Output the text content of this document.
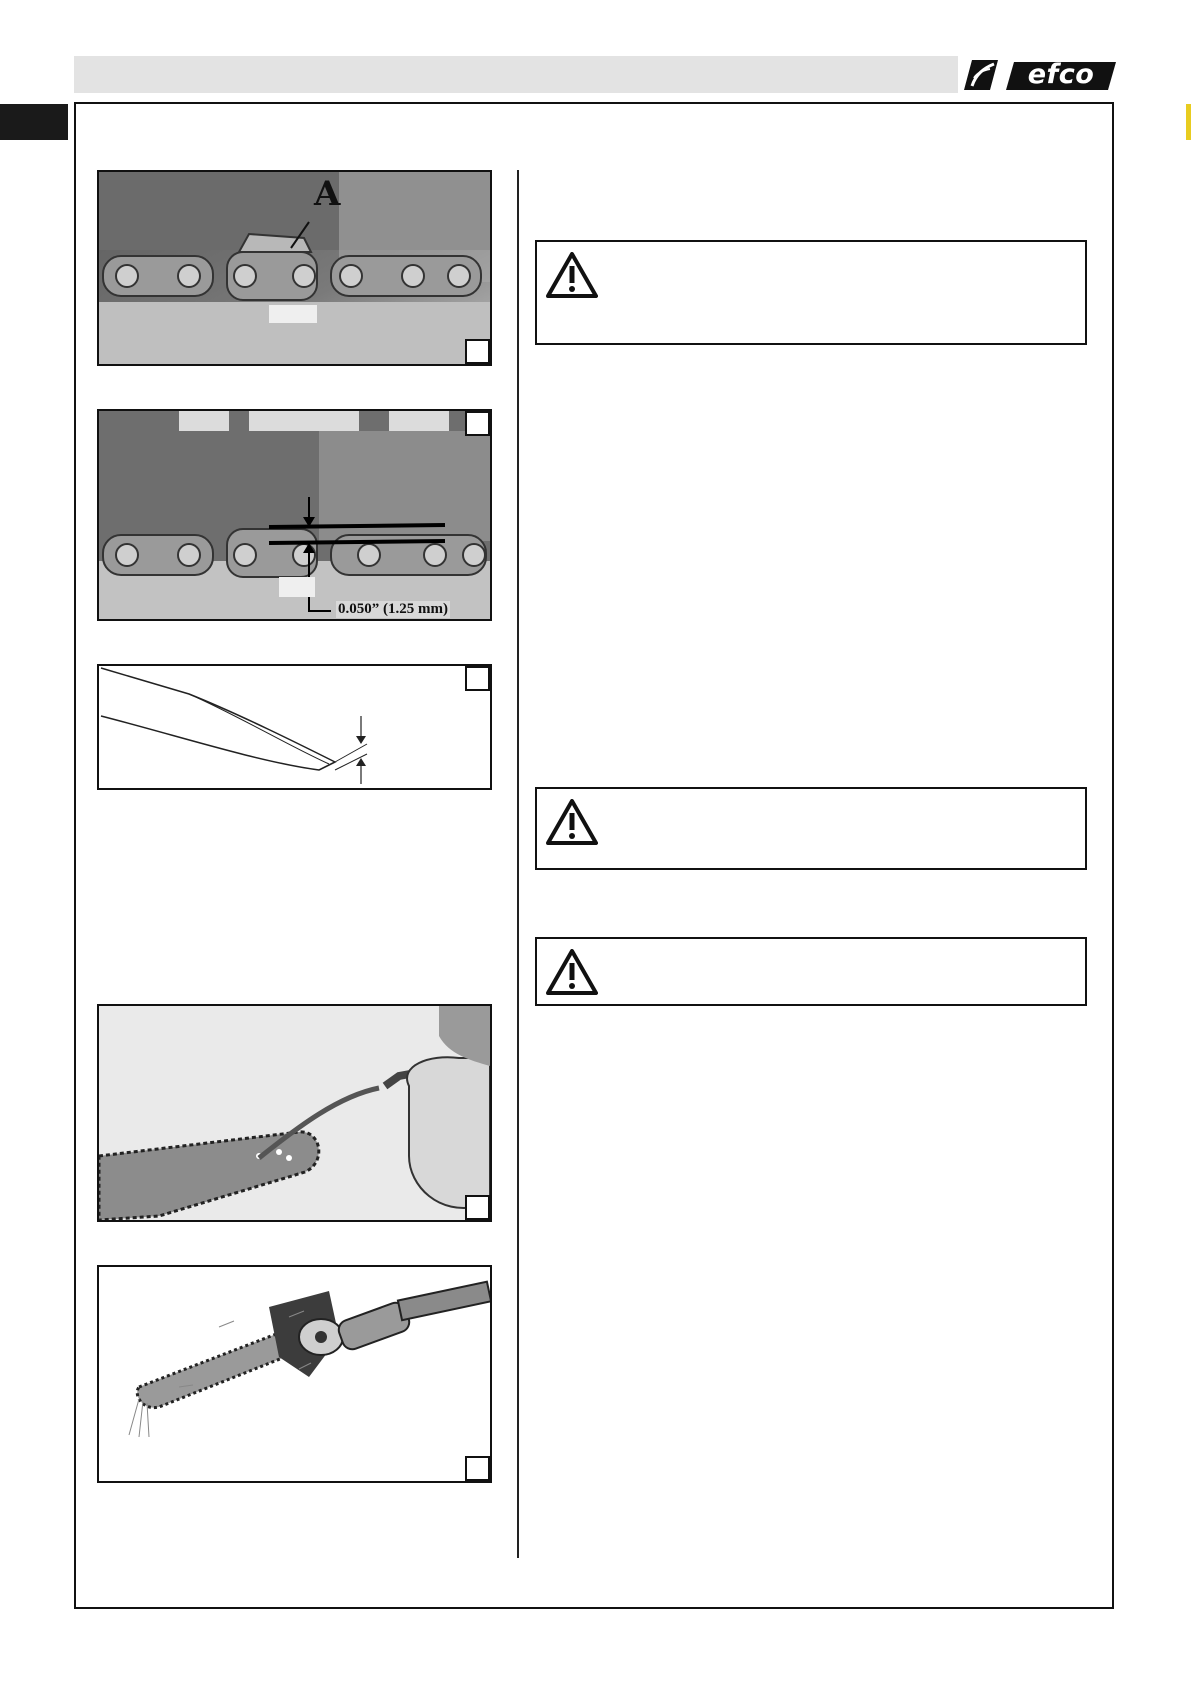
efco
A
0.050” (1.25 mm)
